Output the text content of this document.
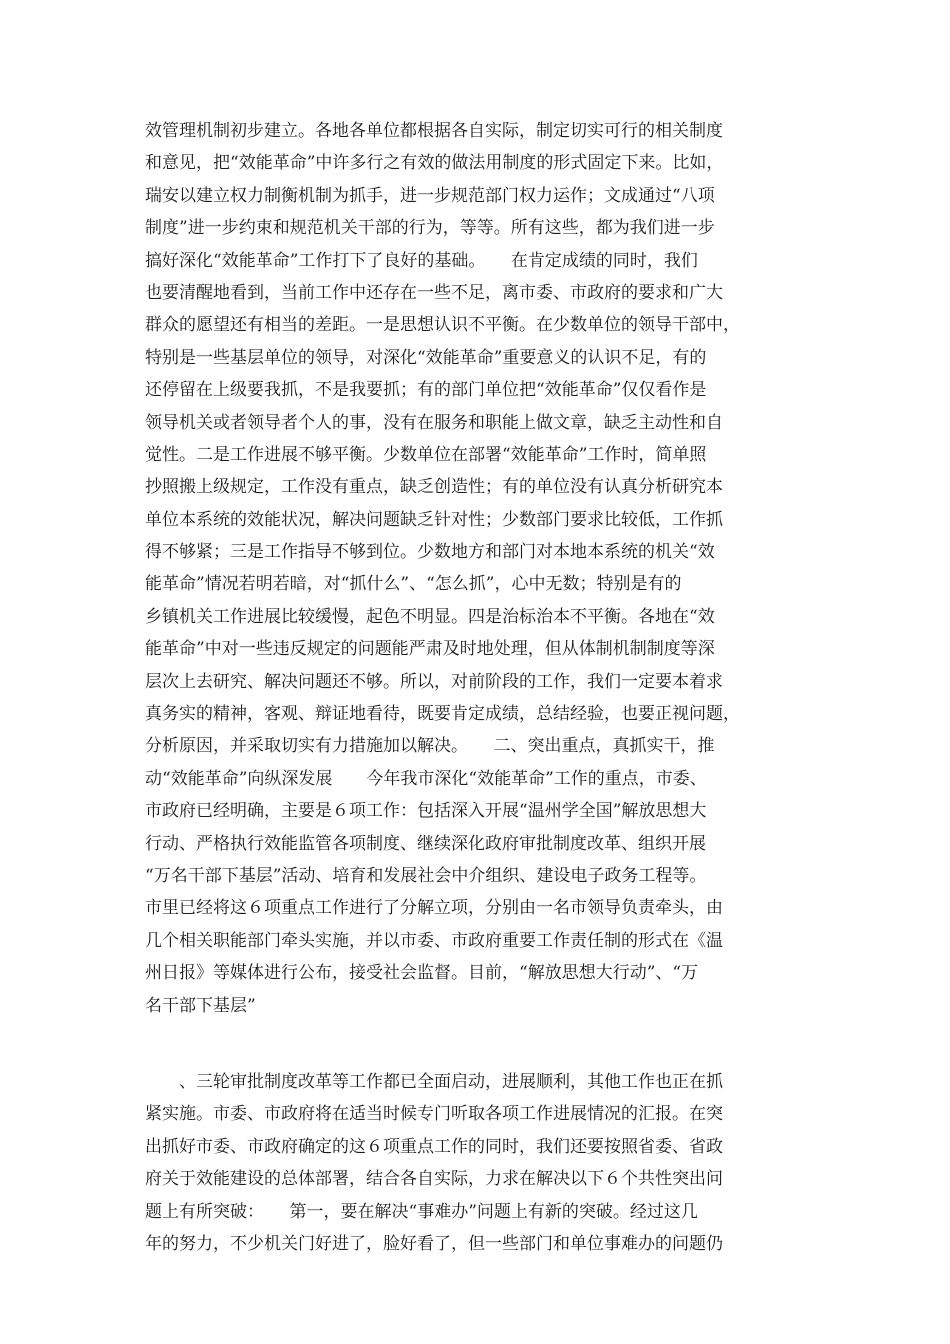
效管理机制初步建立。各地各单位都根据各自实际，制定切实可行的相关制度
和意见，把“效能革命”中许多行之有效的做法用制度的形式固定下来。比如，
瑞安以建立权力制衡机制为抓手，进一步规范部门权力运作；文成通过“八项
制度”进一步约束和规范机关干部的行为，等等。所有这些，都为我们进一步
搞好深化“效能革命”工作打下了良好的基础。　　在肯定成绩的同时，我们
也要清醒地看到，当前工作中还存在一些不足，离市委、市政府的要求和广大
群众的愿望还有相当的差距。一是思想认识不平衡。在少数单位的领导干部中，
特别是一些基层单位的领导，对深化“效能革命”重要意义的认识不足，有的
还停留在上级要我抓，不是我要抓；有的部门单位把“效能革命”仅仅看作是
领导机关或者领导者个人的事，没有在服务和职能上做文章，缺乏主动性和自
觉性。二是工作进展不够平衡。少数单位在部署“效能革命”工作时，简单照
抄照搬上级规定，工作没有重点，缺乏创造性；有的单位没有认真分析研究本
单位本系统的效能状况，解决问题缺乏针对性；少数部门要求比较低，工作抓
得不够紧；三是工作指导不够到位。少数地方和部门对本地本系统的机关“效
能革命”情况若明若暗，对“抓什么”、“怎么抓”，心中无数；特别是有的
乡镇机关工作进展比较缓慢，起色不明显。四是治标治本不平衡。各地在“效
能革命”中对一些违反规定的问题能严肃及时地处理，但从体制机制制度等深
层次上去研究、解决问题还不够。所以，对前阶段的工作，我们一定要本着求
真务实的精神，客观、辩证地看待，既要肯定成绩，总结经验，也要正视问题，
分析原因，并采取切实有力措施加以解决。　　二、突出重点，真抓实干，推
动“效能革命”向纵深发展　　今年我市深化“效能革命”工作的重点，市委、
市政府已经明确，主要是６项工作：包括深入开展“温州学全国”解放思想大
行动、严格执行效能监管各项制度、继续深化政府审批制度改革、组织开展
“万名干部下基层”活动、培育和发展社会中介组织、建设电子政务工程等。
市里已经将这６项重点工作进行了分解立项，分别由一名市领导负责牵头，由
几个相关职能部门牵头实施，并以市委、市政府重要工作责任制的形式在《温
州日报》等媒体进行公布，接受社会监督。目前，“解放思想大行动”、“万
名干部下基层”
　　、三轮审批制度改革等工作都已全面启动，进展顺利，其他工作也正在抓
紧实施。市委、市政府将在适当时候专门听取各项工作进展情况的汇报。在突
出抓好市委、市政府确定的这６项重点工作的同时，我们还要按照省委、省政
府关于效能建设的总体部署，结合各自实际，力求在解决以下６个共性突出问
题上有所突破：　　第一，要在解决“事难办”问题上有新的突破。经过这几
年的努力，不少机关门好进了，脸好看了，但一些部门和单位事难办的问题仍
